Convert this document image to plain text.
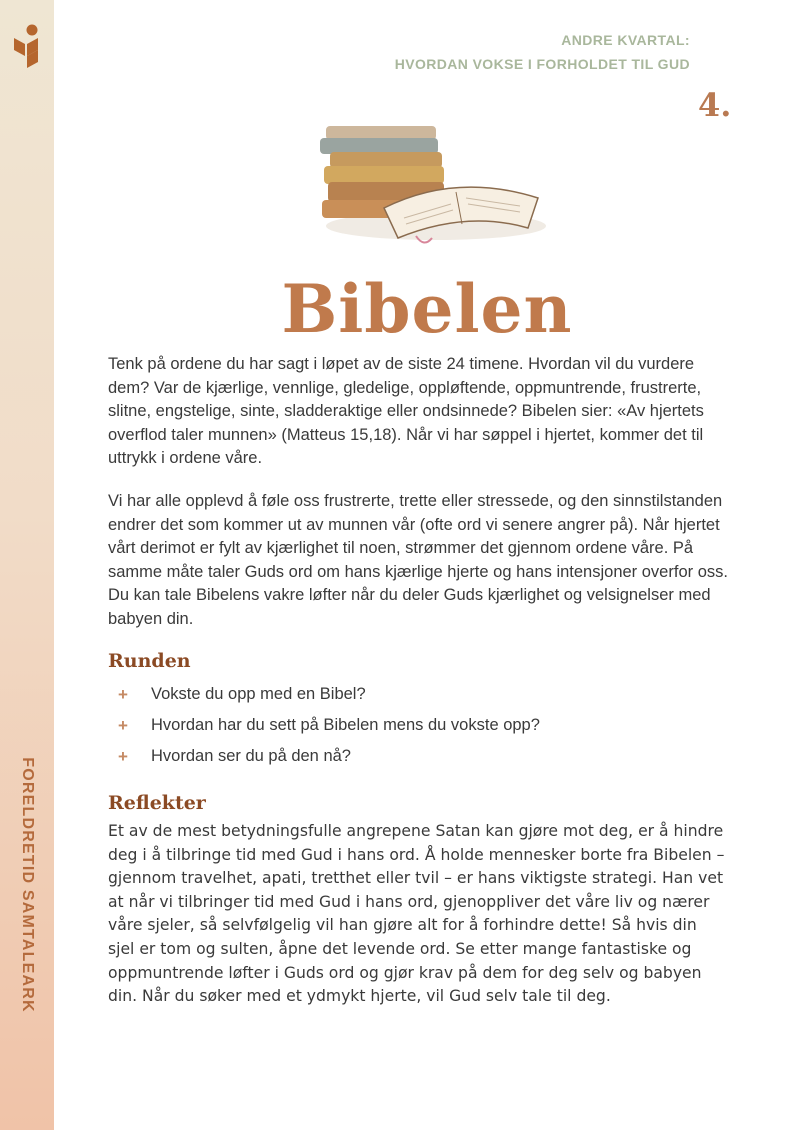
FORELDRETID SAMTALEARK
ANDRE KVARTAL:
HVORDAN VOKSE I FORHOLDET TIL GUD
4.
Bibelen

Tenk på ordene du har sagt i løpet av de siste 24 timene. Hvordan vil du vurdere dem? Var de kjærlige, vennlige, gledelige, oppløftende, oppmuntrende, frustrerte, slitne, engstelige, sinte, sladderaktige eller ondsinnede? Bibelen sier: «Av hjertets overflod taler munnen» (Matteus 15,18). Når vi har søppel i hjertet, kommer det til uttrykk i ordene våre.

Vi har alle opplevd å føle oss frustrerte, trette eller stressede, og den sinnstilstanden endrer det som kommer ut av munnen vår (ofte ord vi senere angrer på). Når hjertet vårt derimot er fylt av kjærlighet til noen, strømmer det gjennom ordene våre. På samme måte taler Guds ord om hans kjærlige hjerte og hans intensjoner overfor oss. Du kan tale Bibelens vakre løfter når du deler Guds kjærlighet og velsignelser med babyen din.

Runden
+	Vokste du opp med en Bibel?
+	Hvordan har du sett på Bibelen mens du vokste opp?
+	Hvordan ser du på den nå?
Reflekter

Et av de mest betydningsfulle angrepene Satan kan gjøre mot deg, er å hindre deg i å tilbringe tid med Gud i hans ord. Å holde mennesker borte fra Bibelen – gjennom travelhet, apati, tretthet eller tvil – er hans viktigste strategi. Han vet at når vi tilbringer tid med Gud i hans ord, gjenoppliver det våre liv og nærer våre sjeler, så selvfølgelig vil han gjøre alt for å forhindre dette! Så hvis din sjel er tom og sulten, åpne det levende ord. Se etter mange fantastiske og oppmuntrende løfter i Guds ord og gjør krav på dem for deg selv og babyen din. Når du søker med et ydmykt hjerte, vil Gud selv tale til deg.
